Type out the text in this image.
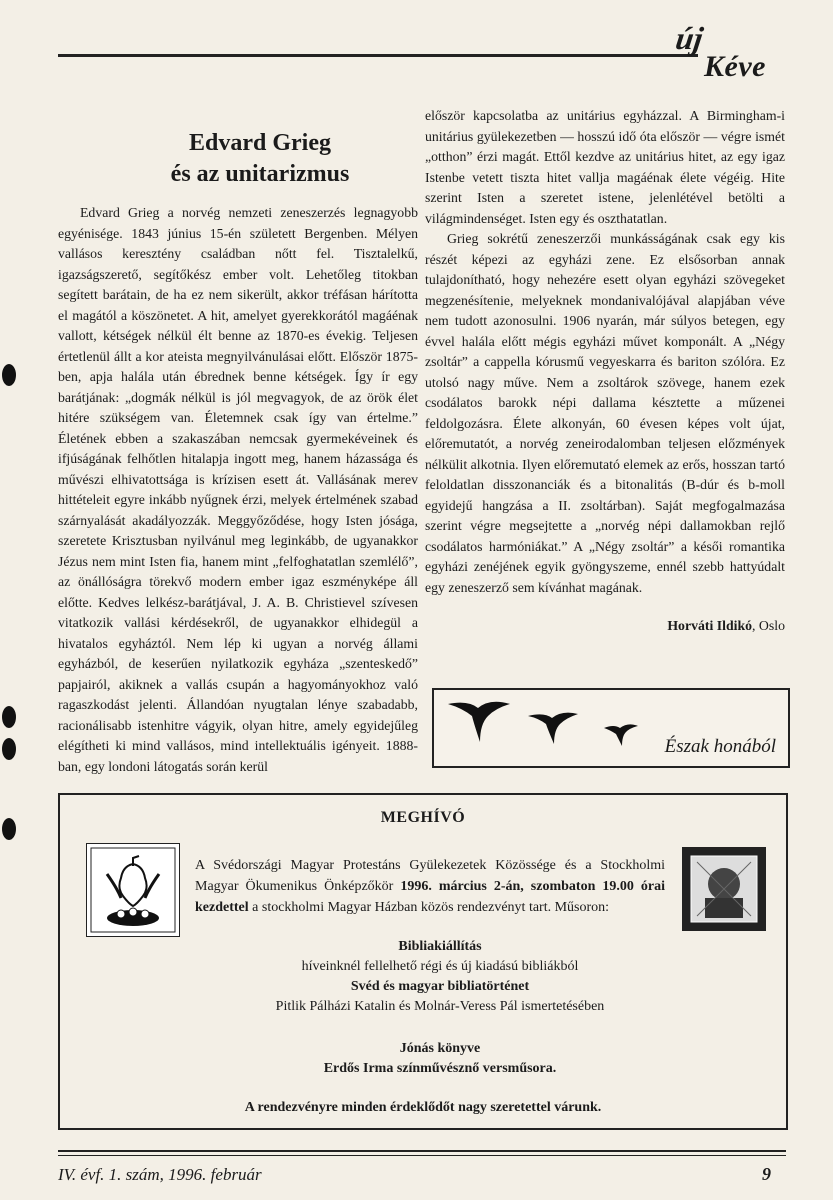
új
Kéve
Edvard Grieg
és az unitarizmus

Edvard Grieg a norvég nemzeti zeneszerzés legnagyobb egyénisége. 1843 június 15-én született Bergenben. Mélyen vallásos keresztény családban nőtt fel. Tisztalelkű, igazságszerető, segítőkész ember volt. Lehetőleg titokban segített barátain, de ha ez nem sikerült, akkor tréfásan hárította el magától a köszönetet. A hit, amelyet gyerekkorától magáénak vallott, kétségek nélkül élt benne az 1870-es évekig. Teljesen értetlenül állt a kor ateista megnyilvánulásai előtt. Először 1875-ben, apja halála után ébrednek benne kétségek. Így ír egy barátjának: „dogmák nélkül is jól megvagyok, de az örök élet hitére szükségem van. Életemnek csak így van értelme.” Életének ebben a szakaszában nemcsak gyermekéveinek és ifjúságának felhőtlen hitalapja ingott meg, hanem házassága és művészi elhivatottsága is krízisen esett át. Vallásának merev hittételeit egyre inkább nyűgnek érzi, melyek értelmének szabad szárnyalását akadályozzák. Meggyőződése, hogy Isten jósága, szeretete Krisztusban nyilvánul meg leginkább, de ugyanakkor Jézus nem mint Isten fia, hanem mint „felfoghatatlan szemlélő”, az önállóságra törekvő modern ember igaz eszményképe áll előtte. Kedves lelkész-barátjával, J. A. B. Christievel szívesen vitatkozik vallási kérdésekről, de ugyanakkor elhidegül a hivatalos egyháztól. Nem lép ki ugyan a norvég állami egyházból, de keserűen nyilatkozik egyháza „szenteskedő” papjairól, akiknek a vallás csupán a hagyományokhoz való ragaszkodást jelenti. Állandóan nyugtalan lénye szabadabb, racionálisabb istenhitre vágyik, olyan hitre, amely egyidejűleg elégítheti ki mind vallásos, mind intellektuális igényeit. 1888-ban, egy londoni látogatás során kerül

először kapcsolatba az unitárius egyházzal. A Birmingham-i unitárius gyülekezetben — hosszú idő óta először — végre ismét „otthon” érzi magát. Ettől kezdve az unitárius hitet, az egy igaz Istenbe vetett tiszta hitet vallja magáénak élete végéig. Hite szerint Isten a szeretet istene, jelenlétével betölti a világmindenséget. Isten egy és oszthatatlan.

Grieg sokrétű zeneszerzői munkásságának csak egy kis részét képezi az egyházi zene. Ez elsősorban annak tulajdonítható, hogy nehezére esett olyan egyházi szövegeket megzenésítenie, melyeknek mondanivalójával alapjában véve nem tudott azonosulni. 1906 nyarán, már súlyos betegen, egy évvel halála előtt mégis egyházi művet komponált. A „Négy zsoltár” a cappella kórusmű vegyeskarra és bariton szólóra. Ez utolsó nagy műve. Nem a zsoltárok szövege, hanem ezek csodálatos barokk népi dallama késztette a műzenei feldolgozásra. Élete alkonyán, 60 évesen képes volt újat, előremutatót, a norvég zeneirodalomban teljesen előzmények nélkülit alkotnia. Ilyen előremutató elemek az erős, hosszan tartó feloldatlan disszonanciák és a bitonalitás (B-dúr és b-moll egyidejű hangzása a II. zsoltárban). Saját megfogalmazása szerint végre megsejtette a „norvég népi dallamokban rejlő csodálatos harmóniákat.” A „Négy zsoltár” a késői romantika egyházi zenéjének egyik gyöngyszeme, ennél szebb hattyúdalt egy zeneszerző sem kívánhat magának.

Horváti Ildikó, Oslo
Észak honából
MEGHÍVÓ
A Svédországi Magyar Protestáns Gyülekezetek Közössége és a Stockholmi Magyar Ökumenikus Önképzőkör 1996. március 2-án, szombaton 19.00 órai kezdettel a stockholmi Magyar Házban közös rendezvényt tart. Műsoron:
Bibliakiállítás
híveinknél fellelhető régi és új kiadású bibliákból
Svéd és magyar bibliatörténet
Pitlik Pálházi Katalin és Molnár-Veress Pál ismertetésében
Jónás könyve
Erdős Irma színművésznő versműsora.
A rendezvényre minden érdeklődőt nagy szeretettel várunk.
IV. évf. 1. szám, 1996. február	9
